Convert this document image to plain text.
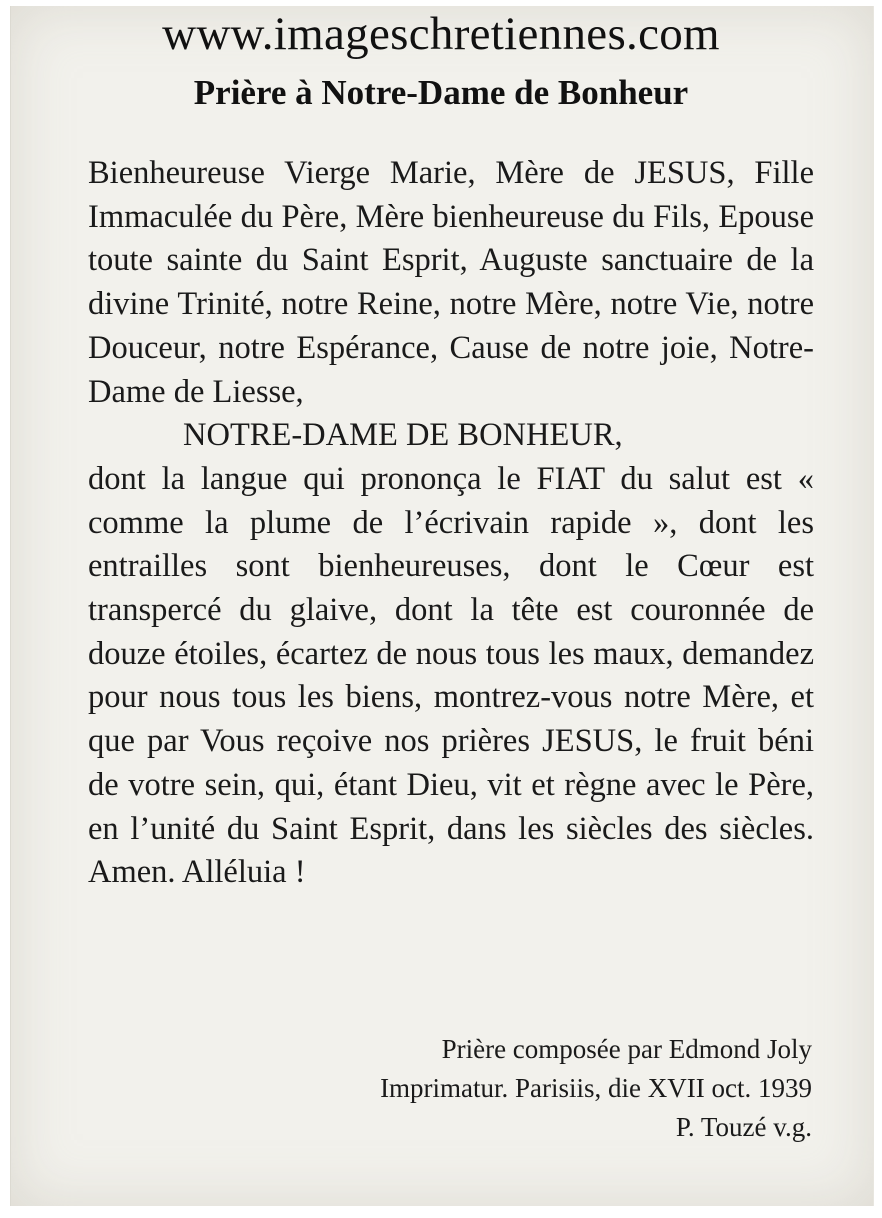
www.imageschretiennes.com
Prière à Notre-Dame de Bonheur

Bienheureuse Vierge Marie, Mère de JESUS, Fille Immaculée du Père, Mère bienheureuse du Fils, Epouse toute sainte du Saint Esprit, Auguste sanctuaire de la divine Trinité, notre Reine, notre Mère, notre Vie, notre Douceur, notre Espérance, Cause de notre joie, Notre-Dame de Liesse,

NOTRE-DAME DE BONHEUR,

dont la langue qui prononça le FIAT du salut est « comme la plume de l’écrivain rapide », dont les entrailles sont bienheureuses, dont le Cœur est transpercé du glaive, dont la tête est couronnée de douze étoiles, écartez de nous tous les maux, demandez pour nous tous les biens, montrez-vous notre Mère, et que par Vous reçoive nos prières JESUS, le fruit béni de votre sein, qui, étant Dieu, vit et règne avec le Père, en l’unité du Saint Esprit, dans les siècles des siècles. Amen. Alléluia !

Prière composée par Edmond Joly
Imprimatur. Parisiis, die XVII oct. 1939
P. Touzé v.g.
